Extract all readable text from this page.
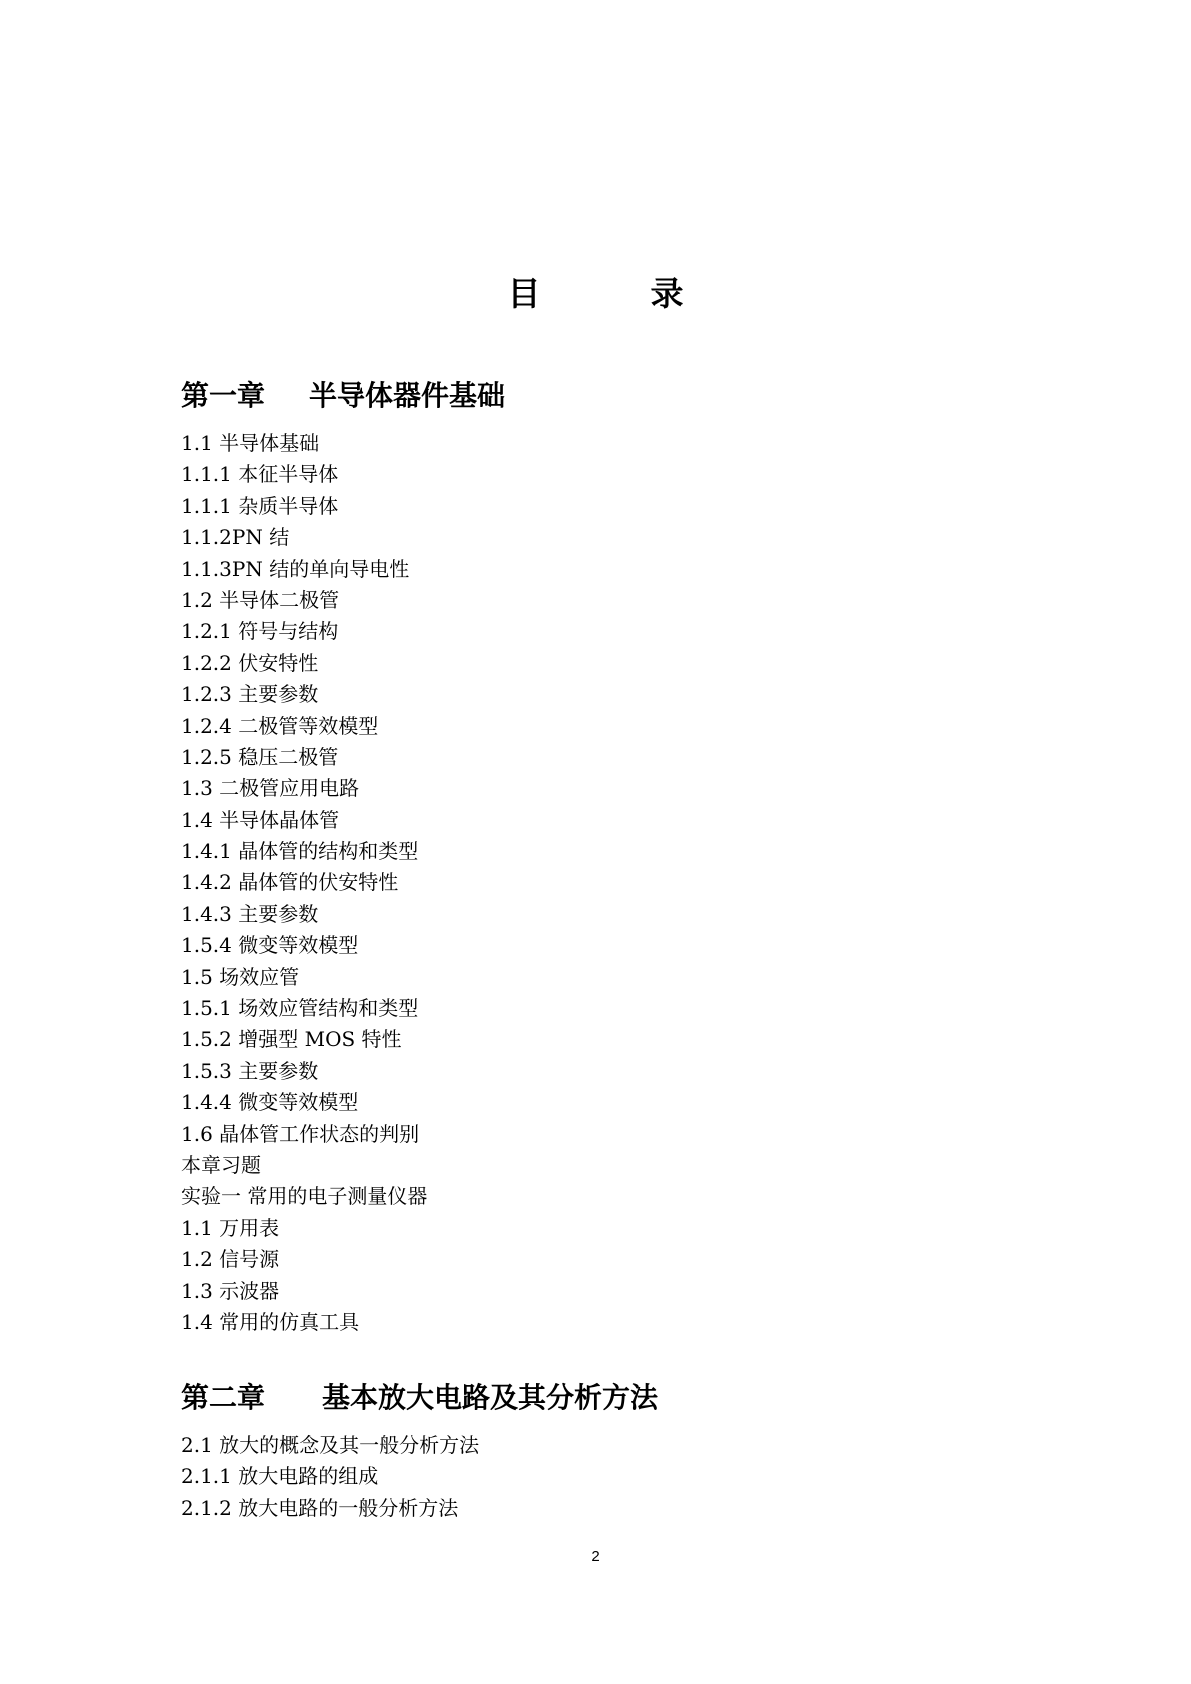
目	录
第一章 半导体器件基础
1.1 半导体基础
1.1.1 本征半导体
1.1.1 杂质半导体
1.1.2PN 结
1.1.3PN 结的单向导电性
1.2 半导体二极管
1.2.1 符号与结构
1.2.2 伏安特性
1.2.3 主要参数
1.2.4 二极管等效模型
1.2.5 稳压二极管
1.3 二极管应用电路
1.4 半导体晶体管
1.4.1 晶体管的结构和类型
1.4.2 晶体管的伏安特性
1.4.3 主要参数
1.5.4 微变等效模型
1.5 场效应管
1.5.1 场效应管结构和类型
1.5.2 增强型 MOS 特性
1.5.3 主要参数
1.4.4 微变等效模型
1.6 晶体管工作状态的判别
本章习题
实验一 常用的电子测量仪器
1.1 万用表
1.2 信号源
1.3 示波器
1.4 常用的仿真工具
第二章 基本放大电路及其分析方法
2.1 放大的概念及其一般分析方法
2.1.1 放大电路的组成
2.1.2 放大电路的一般分析方法
2
